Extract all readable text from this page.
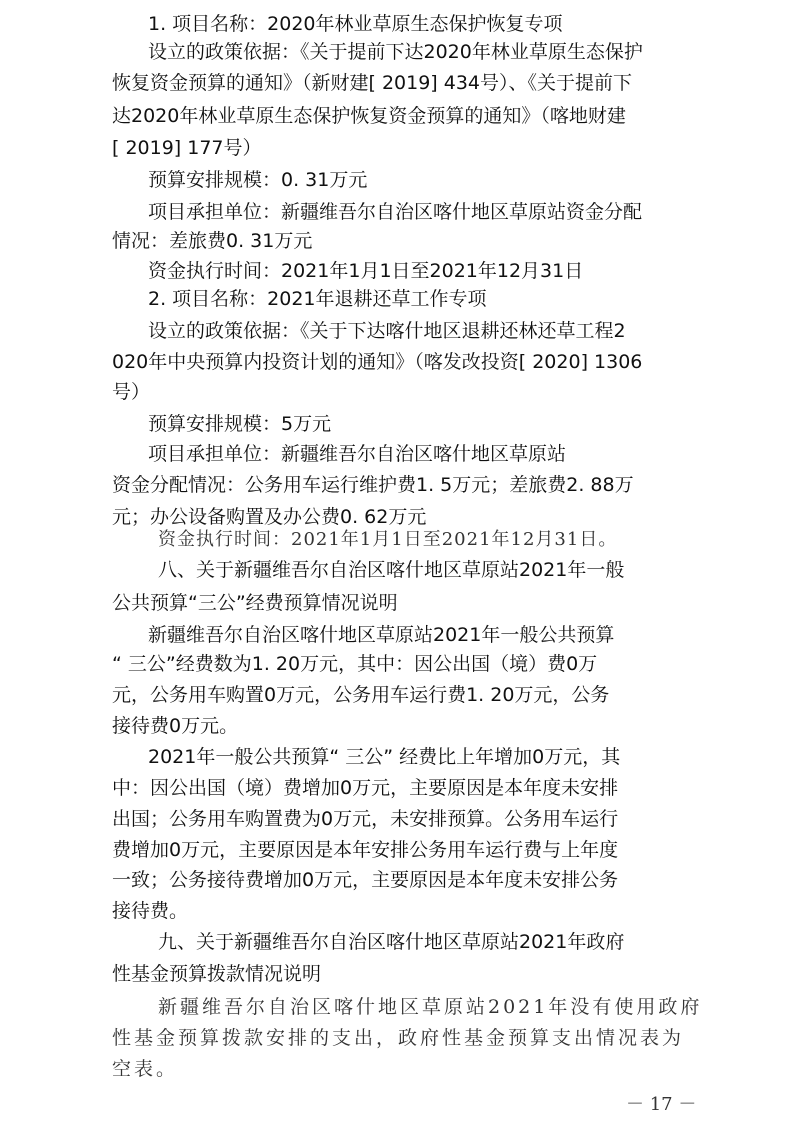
1. 项目名称：2020年林业草原生态保护恢复专项
设立的政策依据：《关于提前下达2020年林业草原生态保护
恢复资金预算的通知》（新财建[ 2019] 434号）、《关于提前下
达2020年林业草原生态保护恢复资金预算的通知》（喀地财建
[ 2019] 177号）
预算安排规模：0. 31万元
项目承担单位：新疆维吾尔自治区喀什地区草原站资金分配
情况：差旅费0. 31万元
资金执行时间：2021年1月1日至2021年12月31日
2. 项目名称：2021年退耕还草工作专项
设立的政策依据：《关于下达喀什地区退耕还林还草工程2
020年中央预算内投资计划的通知》（喀发改投资[ 2020] 1306
号）
预算安排规模：5万元
项目承担单位：新疆维吾尔自治区喀什地区草原站
资金分配情况：公务用车运行维护费1. 5万元；差旅费2. 88万
元；办公设备购置及办公费0. 62万元
资金执行时间：2021年1月1日至2021年12月31日。
八、关于新疆维吾尔自治区喀什地区草原站2021年一般
公共预算“三公”经费预算情况说明
新疆维吾尔自治区喀什地区草原站2021年一般公共预算
“ 三公”经费数为1. 20万元，其中：因公出国（境）费0万
元，公务用车购置0万元，公务用车运行费1. 20万元，公务
接待费0万元。
2021年一般公共预算“ 三公” 经费比上年增加0万元，其
中：因公出国（境）费增加0万元，主要原因是本年度未安排
出国；公务用车购置费为0万元，未安排预算。公务用车运行
费增加0万元，主要原因是本年安排公务用车运行费与上年度
一致；公务接待费增加0万元，主要原因是本年度未安排公务
接待费。
九、关于新疆维吾尔自治区喀什地区草原站2021年政府
性基金预算拨款情况说明
新疆维吾尔自治区喀什地区草原站2021年没有使用政府
性基金预算拨款安排的支出，政府性基金预算支出情况表为
空表。
－ 17 －
